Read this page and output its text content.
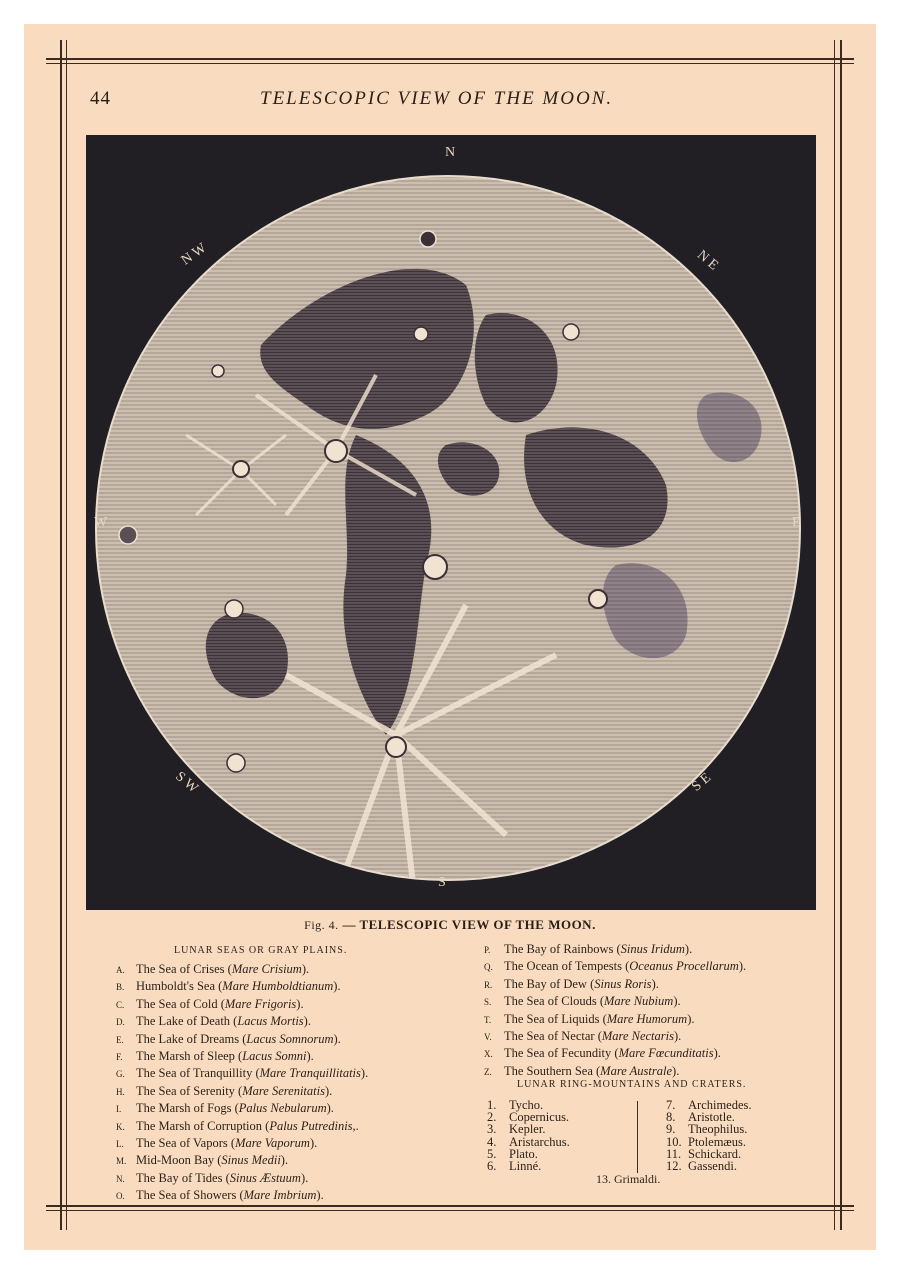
44	TELESCOPIC VIEW OF THE MOON.
N
N E
E
S E
S
S W
W
N W
Fig. 4. — TELESCOPIC VIEW OF THE MOON.
LUNAR SEAS OR GRAY PLAINS.
A. The Sea of Crises (Mare Crisium).
B. Humboldt's Sea (Mare Humboldtianum).
C. The Sea of Cold (Mare Frigoris).
D. The Lake of Death (Lacus Mortis).
E. The Lake of Dreams (Lacus Somnorum).
F. The Marsh of Sleep (Lacus Somni).
G. The Sea of Tranquillity (Mare Tranquillitatis).
H. The Sea of Serenity (Mare Serenitatis).
I. The Marsh of Fogs (Palus Nebularum).
K. The Marsh of Corruption (Palus Putredinis,.
L. The Sea of Vapors (Mare Vaporum).
M. Mid-Moon Bay (Sinus Medii).
N. The Bay of Tides (Sinus Æstuum).
O. The Sea of Showers (Mare Imbrium).
P. The Bay of Rainbows (Sinus Iridum).
Q. The Ocean of Tempests (Oceanus Procellarum).
R. The Bay of Dew (Sinus Roris).
S. The Sea of Clouds (Mare Nubium).
T. The Sea of Liquids (Mare Humorum).
V. The Sea of Nectar (Mare Nectaris).
X. The Sea of Fecundity (Mare Fœcunditatis).
Z. The Southern Sea (Mare Australe).
LUNAR RING-MOUNTAINS AND CRATERS.
1. Tycho.
2. Copernicus.
3. Kepler.
4. Aristarchus.
5. Plato.
6. Linné.
7. Archimedes.
8. Aristotle.
9. Theophilus.
10. Ptolemæus.
11. Schickard.
12. Gassendi.
13. Grimaldi.
